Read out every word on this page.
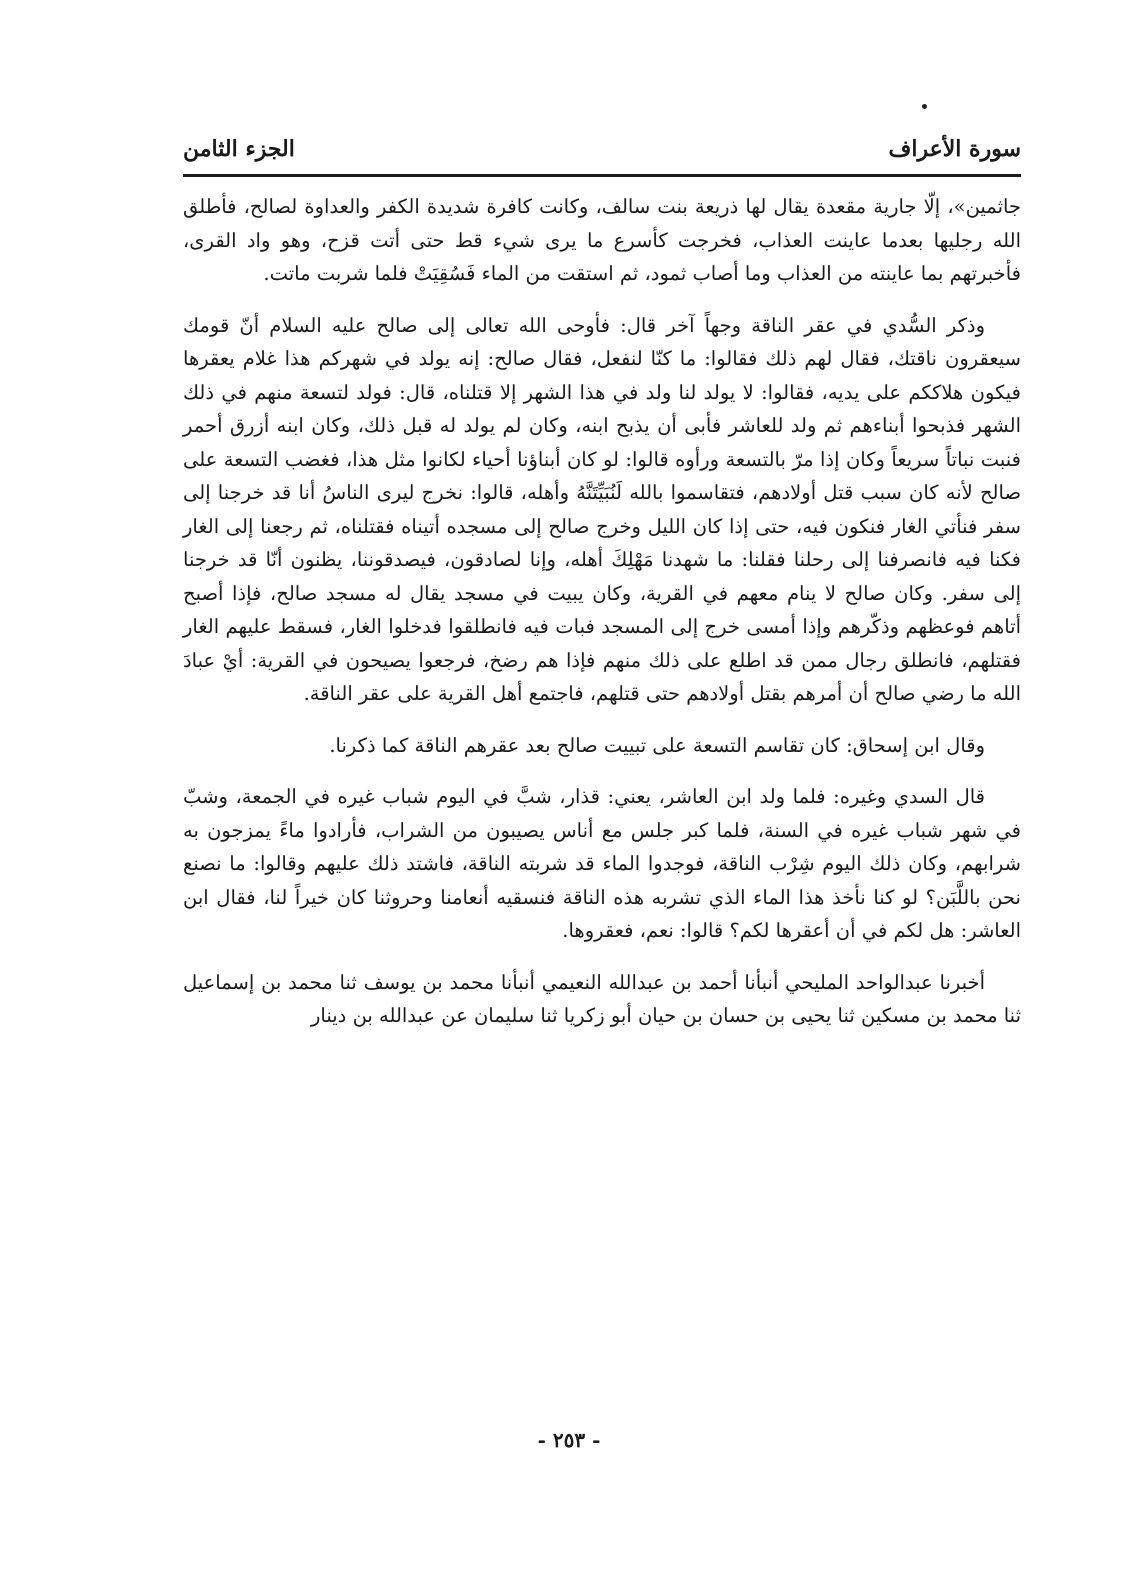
سورة الأعراف
الجزء الثامن

جاثمين»، إلّا جارية مقعدة يقال لها ذريعة بنت سالف، وكانت كافرة شديدة الكفر والعداوة لصالح، فأطلق الله رجليها بعدما عاينت العذاب، فخرجت كأسرع ما يرى شيء قط حتى أتت قزح، وهو واد القرى، فأخبرتهم بما عاينته من العذاب وما أصاب ثمود، ثم استقت من الماء فَسُقِيَتْ فلما شربت ماتت.

وذكر السُّدي في عقر الناقة وجهاً آخر قال: فأوحى الله تعالى إلى صالح عليه السلام أنّ قومك سيعقرون ناقتك، فقال لهم ذلك فقالوا: ما كنّا لنفعل، فقال صالح: إنه يولد في شهركم هذا غلام يعقرها فيكون هلاككم على يديه، فقالوا: لا يولد لنا ولد في هذا الشهر إلا قتلناه، قال: فولد لتسعة منهم في ذلك الشهر فذبحوا أبناءهم ثم ولد للعاشر فأبى أن يذبح ابنه، وكان لم يولد له قبل ذلك، وكان ابنه أزرق أحمر فنبت نباتاً سريعاً وكان إذا مرّ بالتسعة ورأوه قالوا: لو كان أبناؤنا أحياء لكانوا مثل هذا، فغضب التسعة على صالح لأنه كان سبب قتل أولادهم، فتقاسموا بالله لَنُبَيِّتَنَّهُ وأهله، قالوا: نخرج ليرى الناسُ أنا قد خرجنا إلى سفر فنأتي الغار فنكون فيه، حتى إذا كان الليل وخرج صالح إلى مسجده أتيناه فقتلناه، ثم رجعنا إلى الغار فكنا فيه فانصرفنا إلى رحلنا فقلنا: ما شهدنا مَهْلِكَ أهله، وإنا لصادقون، فيصدقوننا، يظنون أنّا قد خرجنا إلى سفر. وكان صالح لا ينام معهم في القرية، وكان يبيت في مسجد يقال له مسجد صالح، فإذا أصبح أتاهم فوعظهم وذكّرهم وإذا أمسى خرج إلى المسجد فبات فيه فانطلقوا فدخلوا الغار، فسقط عليهم الغار فقتلهم، فانطلق رجال ممن قد اطلع على ذلك منهم فإذا هم رضخ، فرجعوا يصيحون في القرية: أيْ عبادَ الله ما رضي صالح أن أمرهم بقتل أولادهم حتى قتلهم، فاجتمع أهل القرية على عقر الناقة.

وقال ابن إسحاق: كان تقاسم التسعة على تبييت صالح بعد عقرهم الناقة كما ذكرنا.

قال السدي وغيره: فلما ولد ابن العاشر، يعني: قذار، شبَّ في اليوم شباب غيره في الجمعة، وشبّ في شهر شباب غيره في السنة، فلما كبر جلس مع أناس يصيبون من الشراب، فأرادوا ماءً يمزجون به شرابهم، وكان ذلك اليوم شِرْب الناقة، فوجدوا الماء قد شربته الناقة، فاشتد ذلك عليهم وقالوا: ما نصنع نحن باللَّبَن؟ لو كنا نأخذ هذا الماء الذي تشربه هذه الناقة فنسقيه أنعامنا وحروثنا كان خيراً لنا، فقال ابن العاشر: هل لكم في أن أعقرها لكم؟ قالوا: نعم، فعقروها.

أخبرنا عبدالواحد المليحي أنبأنا أحمد بن عبدالله النعيمي أنبأنا محمد بن يوسف ثنا محمد بن إسماعيل ثنا محمد بن مسكين ثنا يحيى بن حسان بن حيان أبو زكريا ثنا سليمان عن عبدالله بن دينار

- ٢٥٣ -
